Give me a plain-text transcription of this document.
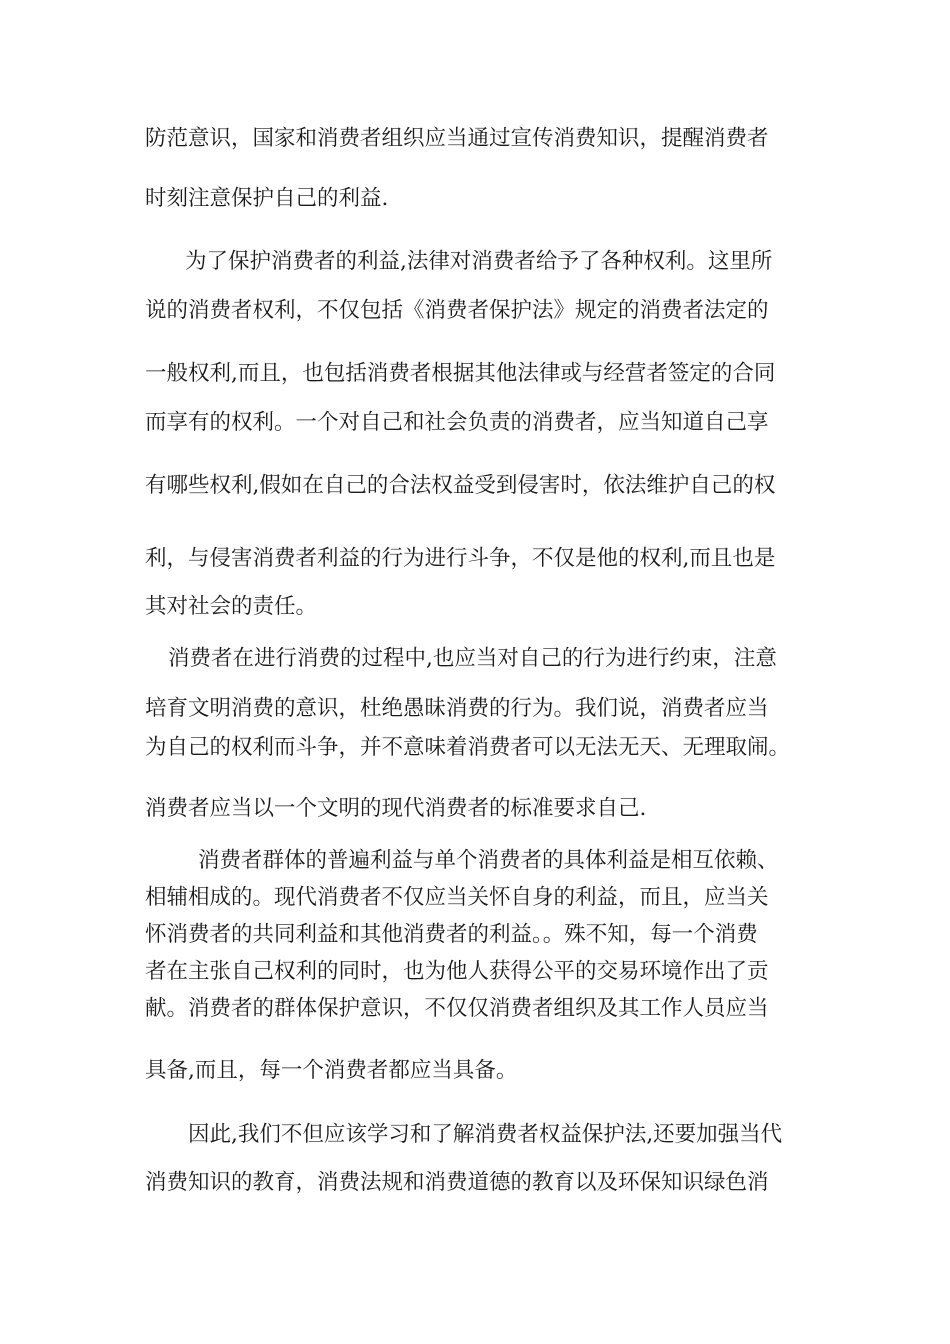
防范意识，国家和消费者组织应当通过宣传消费知识，提醒消费者
时刻注意保护自己的利益.
为了保护消费者的利益,法律对消费者给予了各种权利。这里所
说的消费者权利，不仅包括《消费者保护法》规定的消费者法定的
一般权利,而且，也包括消费者根据其他法律或与经营者签定的合同
而享有的权利。一个对自己和社会负责的消费者，应当知道自己享
有哪些权利,假如在自己的合法权益受到侵害时，依法维护自己的权
利，与侵害消费者利益的行为进行斗争，不仅是他的权利,而且也是
其对社会的责任。
消费者在进行消费的过程中,也应当对自己的行为进行约束，注意
培育文明消费的意识，杜绝愚昧消费的行为。我们说，消费者应当
为自己的权利而斗争，并不意味着消费者可以无法无天、无理取闹。
消费者应当以一个文明的现代消费者的标准要求自己.
消费者群体的普遍利益与单个消费者的具体利益是相互依赖、
相辅相成的。现代消费者不仅应当关怀自身的利益，而且，应当关
怀消费者的共同利益和其他消费者的利益。。殊不知，每一个消费
者在主张自己权利的同时，也为他人获得公平的交易环境作出了贡
献。消费者的群体保护意识，不仅仅消费者组织及其工作人员应当
具备,而且，每一个消费者都应当具备。
因此,我们不但应该学习和了解消费者权益保护法,还要加强当代
消费知识的教育，消费法规和消费道德的教育以及环保知识绿色消
